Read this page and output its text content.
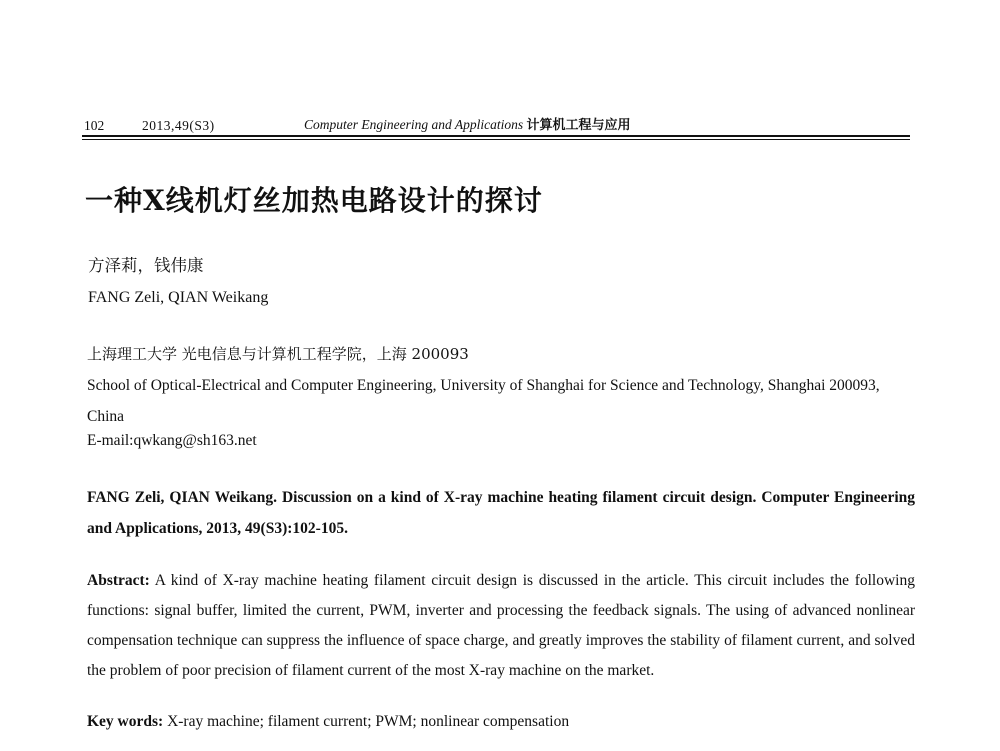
102	2013,49(S3)	Computer Engineering and Applications 计算机工程与应用
一种X线机灯丝加热电路设计的探讨
方泽莉，钱伟康
FANG Zeli, QIAN Weikang
上海理工大学 光电信息与计算机工程学院，上海 200093
School of Optical-Electrical and Computer Engineering, University of Shanghai for Science and Technology, Shanghai 200093, China
E-mail:qwkang@sh163.net
FANG Zeli, QIAN Weikang. Discussion on a kind of X-ray machine heating filament circuit design. Computer Engineering and Applications, 2013, 49(S3):102-105.
Abstract: A kind of X-ray machine heating filament circuit design is discussed in the article. This circuit includes the following functions: signal buffer, limited the current, PWM, inverter and processing the feedback signals. The using of advanced nonlinear compensation technique can suppress the influence of space charge, and greatly improves the stability of filament current, and solved the problem of poor precision of filament current of the most X-ray machine on the market.
Key words: X-ray machine; filament current; PWM; nonlinear compensation
